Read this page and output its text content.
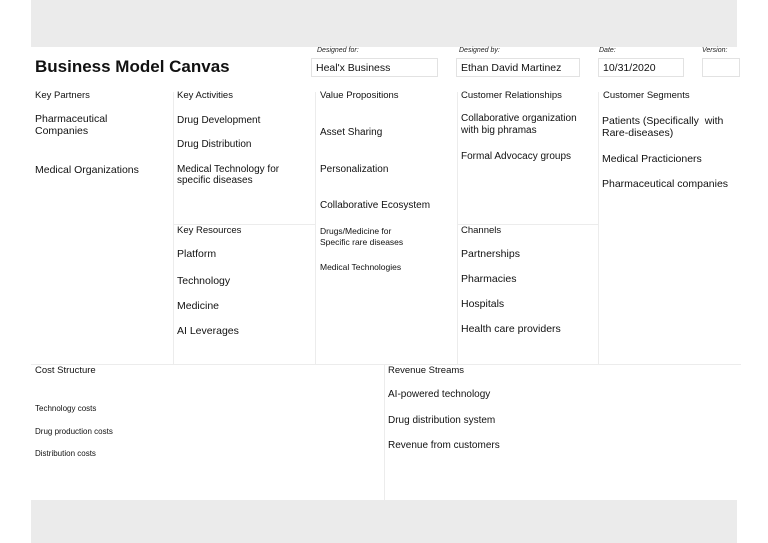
Business Model Canvas
Designed for:
Heal'x Business
Designed by:
Ethan David Martinez
Date:
10/31/2020
Version:
Key Partners
Pharmaceutical
Companies
Medical Organizations
Key Activities
Drug Development
Drug Distribution
Medical Technology for
specific diseases
Key Resources
Platform
Technology
Medicine
AI Leverages
Value Propositions
Asset Sharing
Personalization
Collaborative Ecosystem
Drugs/Medicine for
Specific rare diseases
Medical Technologies
Customer Relationships
Collaborative organization
with big phramas
Formal Advocacy groups
Channels
Partnerships
Pharmacies
Hospitals
Health care providers
Customer Segments
Patients (Specifically  with
Rare-diseases)
Medical Practicioners
Pharmaceutical companies
Cost Structure
Technology costs
Drug production costs
Distribution costs
Revenue Streams
AI-powered technology
Drug distribution system
Revenue from customers
